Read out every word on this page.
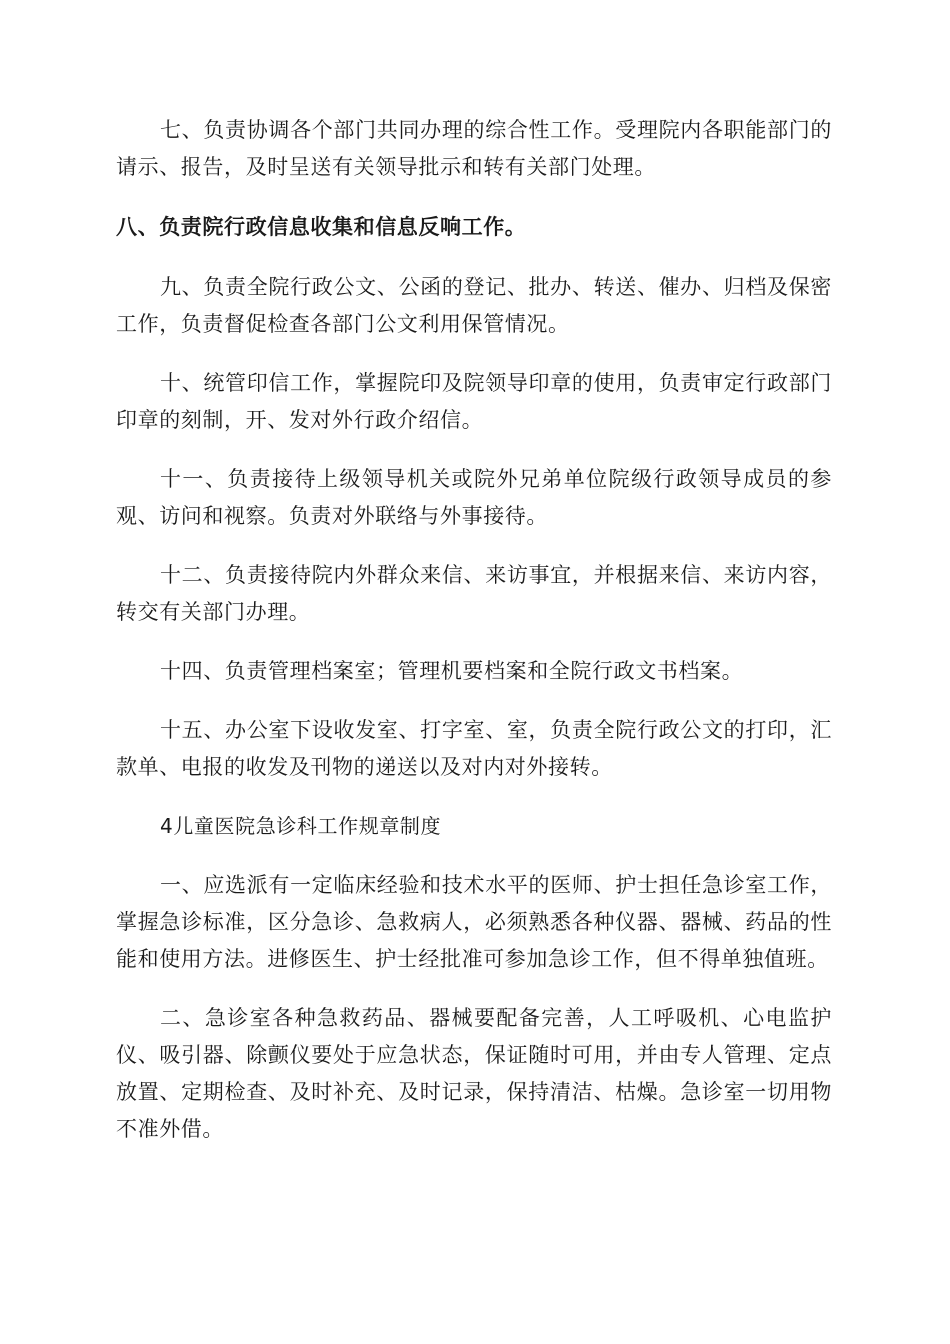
七、负责协调各个部门共同办理的综合性工作。受理院内各职能部门的请示、报告，及时呈送有关领导批示和转有关部门处理。

八、负责院行政信息收集和信息反响工作。

九、负责全院行政公文、公函的登记、批办、转送、催办、归档及保密工作，负责督促检查各部门公文利用保管情况。

十、统管印信工作，掌握院印及院领导印章的使用，负责审定行政部门印章的刻制，开、发对外行政介绍信。

十一、负责接待上级领导机关或院外兄弟单位院级行政领导成员的参观、访问和视察。负责对外联络与外事接待。

十二、负责接待院内外群众来信、来访事宜，并根据来信、来访内容，转交有关部门办理。

十四、负责管理档案室；管理机要档案和全院行政文书档案。

十五、办公室下设收发室、打字室、室，负责全院行政公文的打印，汇款单、电报的收发及刊物的递送以及对内对外接转。

4儿童医院急诊科工作规章制度

一、应选派有一定临床经验和技术水平的医师、护士担任急诊室工作，掌握急诊标准，区分急诊、急救病人，必须熟悉各种仪器、器械、药品的性能和使用方法。进修医生、护士经批准可参加急诊工作，但不得单独值班。

二、急诊室各种急救药品、器械要配备完善，人工呼吸机、心电监护仪、吸引器、除颤仪要处于应急状态，保证随时可用，并由专人管理、定点放置、定期检查、及时补充、及时记录，保持清洁、枯燥。急诊室一切用物不准外借。
